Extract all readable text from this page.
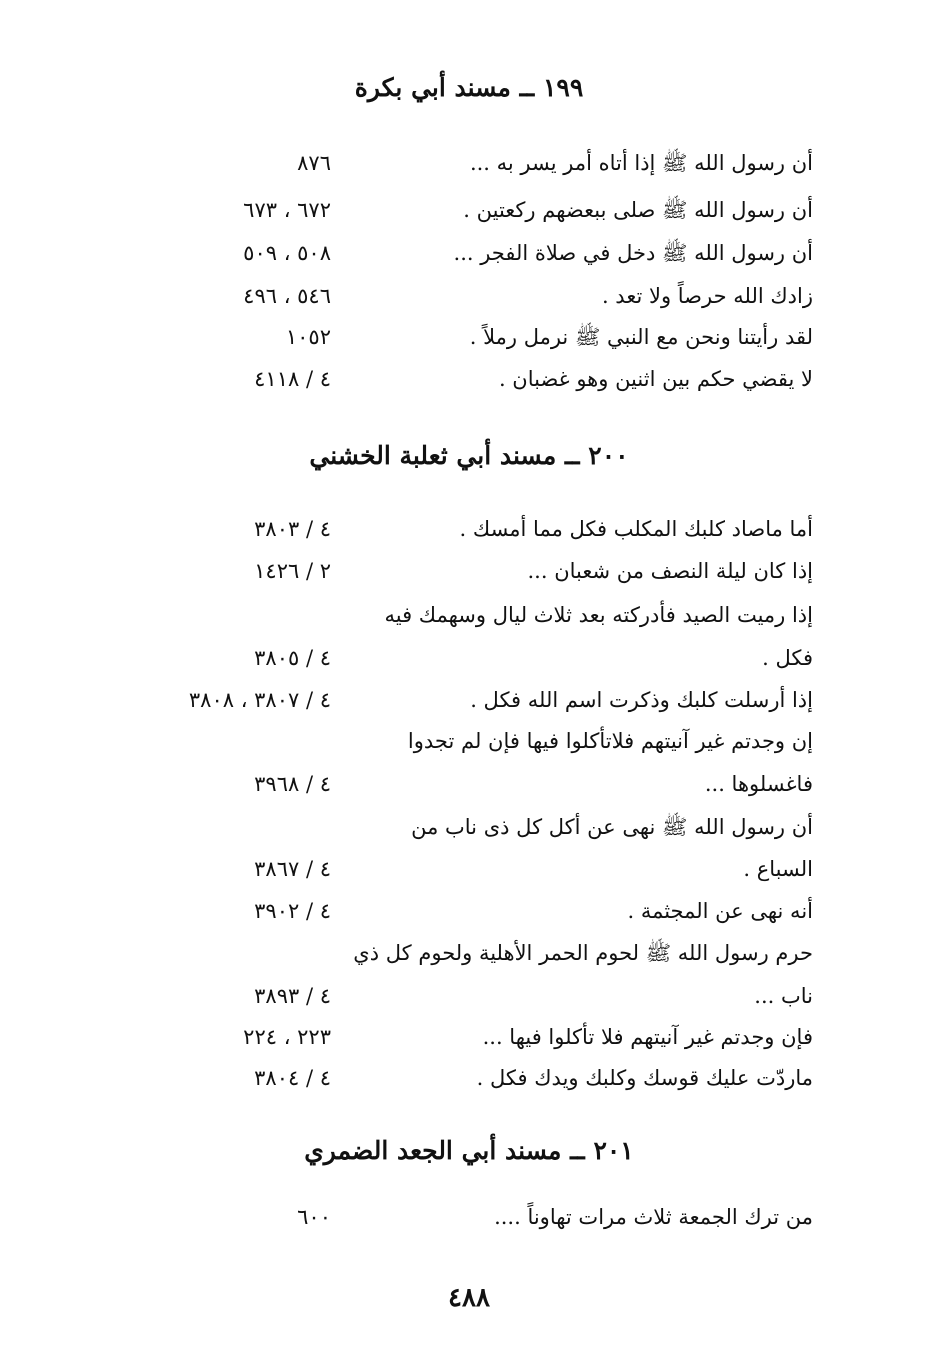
١٩٩ ــ مسند أبي بكرة
أن رسول الله ﷺ إذا أتاه أمر يسر به ...
٨٧٦
أن رسول الله ﷺ صلى ببعضهم ركعتين .
٦٧٢ ، ٦٧٣
أن رسول الله ﷺ دخل في صلاة الفجر ...
٥٠٨ ، ٥٠٩
زادك الله حرصاً ولا تعد .
٥٤٦ ، ٤٩٦
لقد رأيتنا ونحن مع النبي ﷺ نرمل رملاً .
١٠٥٢
لا يقضي حكم بين اثنين وهو غضبان .
٤ / ٤١١٨
٢٠٠ ــ مسند أبي ثعلبة الخشني
أما ماصاد كلبك المكلب فكل مما أمسك .
٤ / ٣٨٠٣
إذا كان ليلة النصف من شعبان ...
٢ / ١٤٢٦
إذا رميت الصيد فأدركته بعد ثلاث ليال وسهمك فيه
فكل .
٤ / ٣٨٠٥
إذا أرسلت كلبك وذكرت اسم الله فكل .
٤ / ٣٨٠٧ ، ٣٨٠٨
إن وجدتم غير آنيتهم فلاتأكلوا فيها فإن لم تجدوا
فاغسلوها ...
٤ / ٣٩٦٨
أن رسول الله ﷺ نهى عن أكل كل ذى ناب من
السباع .
٤ / ٣٨٦٧
أنه نهى عن المجثمة .
٤ / ٣٩٠٢
حرم رسول الله ﷺ لحوم الحمر الأهلية ولحوم كل ذي
ناب ...
٤ / ٣٨٩٣
فإن وجدتم غير آنيتهم فلا تأكلوا فيها ...
٢٢٣ ، ٢٢٤
ماردّت عليك قوسك وكلبك ويدك فكل .
٤ / ٣٨٠٤
٢٠١ ــ مسند أبي الجعد الضمري
من ترك الجمعة ثلاث مرات تهاوناً ....
٦٠٠
٤٨٨
